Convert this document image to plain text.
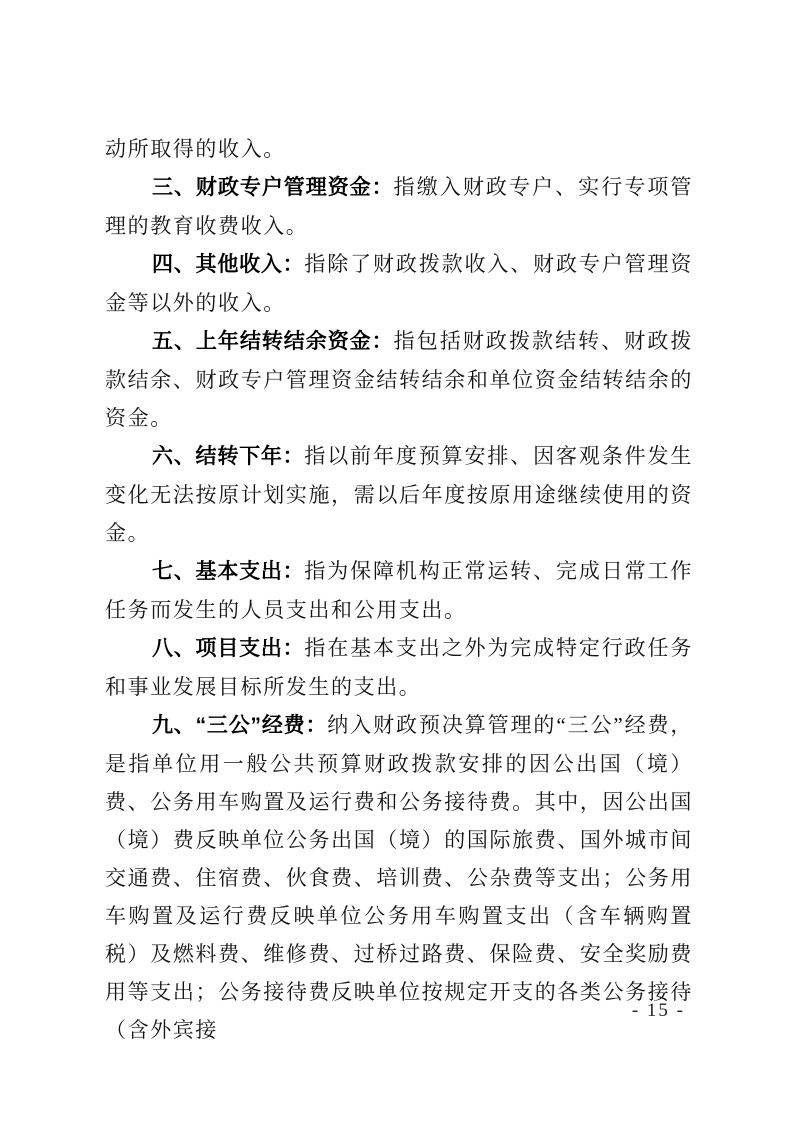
动所取得的收入。

三、财政专户管理资金：指缴入财政专户、实行专项管理的教育收费收入。

四、其他收入：指除了财政拨款收入、财政专户管理资金等以外的收入。

五、上年结转结余资金：指包括财政拨款结转、财政拨款结余、财政专户管理资金结转结余和单位资金结转结余的资金。

六、结转下年：指以前年度预算安排、因客观条件发生变化无法按原计划实施，需以后年度按原用途继续使用的资金。

七、基本支出：指为保障机构正常运转、完成日常工作任务而发生的人员支出和公用支出。

八、项目支出：指在基本支出之外为完成特定行政任务和事业发展目标所发生的支出。

九、“三公”经费：纳入财政预决算管理的“三公”经费，是指单位用一般公共预算财政拨款安排的因公出国（境）费、公务用车购置及运行费和公务接待费。其中，因公出国（境）费反映单位公务出国（境）的国际旅费、国外城市间交通费、住宿费、伙食费、培训费、公杂费等支出；公务用车购置及运行费反映单位公务用车购置支出（含车辆购置税）及燃料费、维修费、过桥过路费、保险费、安全奖励费用等支出；公务接待费反映单位按规定开支的各类公务接待（含外宾接

- 15 -
